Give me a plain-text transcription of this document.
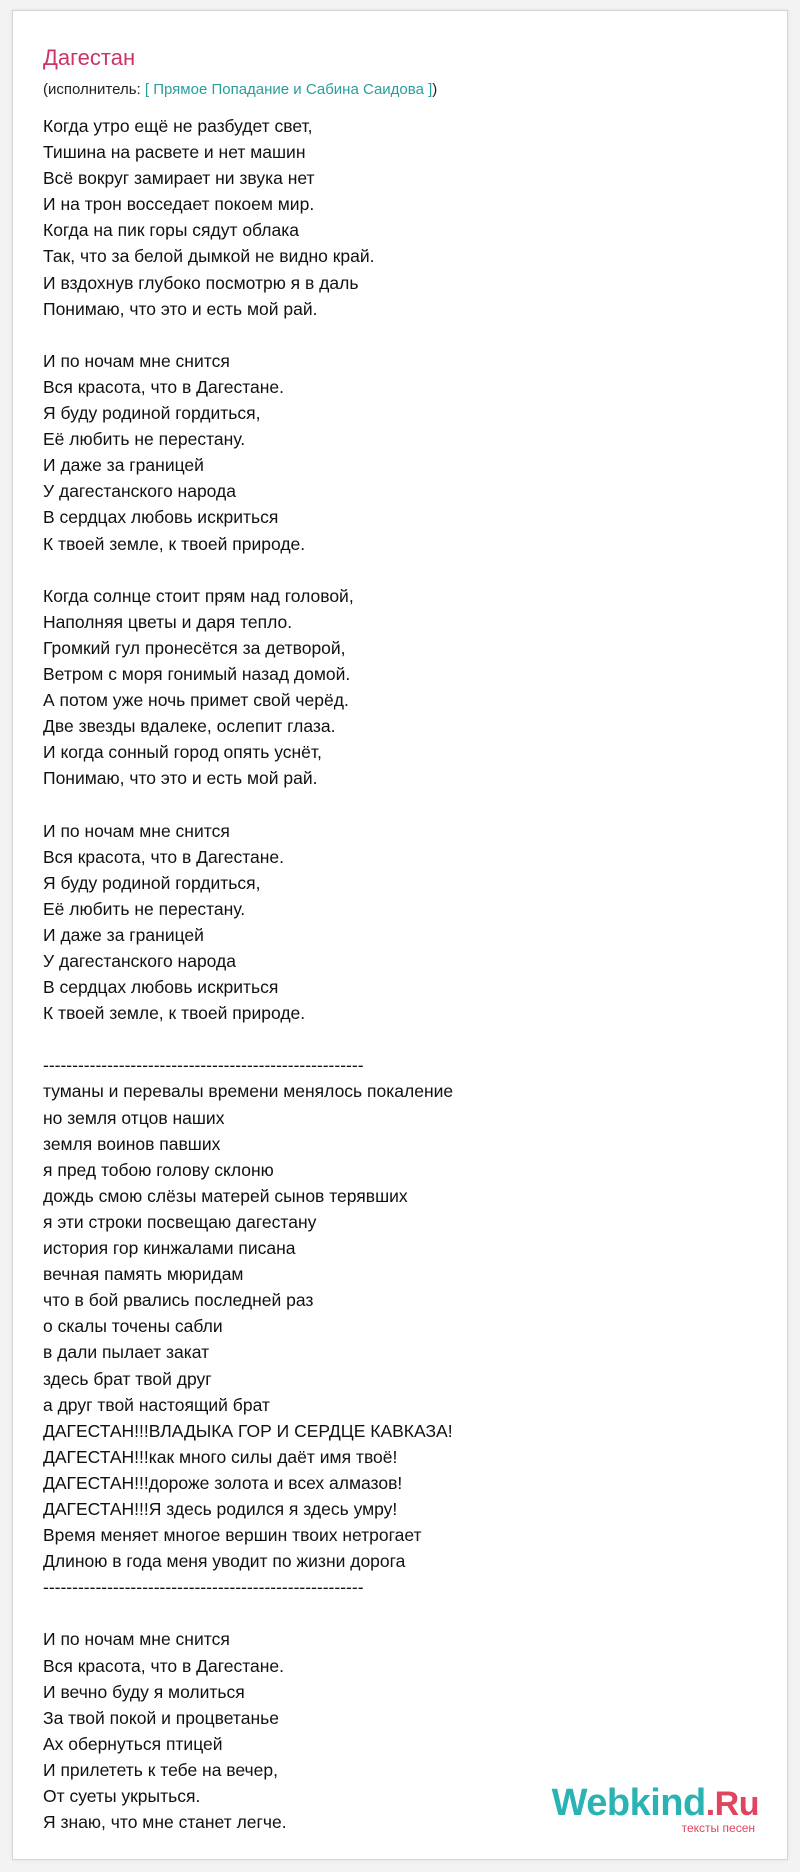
Дагестан
(исполнитель: [ Прямое Попадание и Сабина Саидова ])
Когда утро ещё не разбудет свет,
Тишина на расвете и нет машин
Всё вокруг замирает ни звука нет
И на трон восседает покоем мир.
Когда на пик горы сядут облака
Так, что за белой дымкой не видно край.
И вздохнув глубоко посмотрю я в даль
Понимаю, что это и есть мой рай.
И по ночам мне снится
Вся красота, что в Дагестане.
Я буду родиной гордиться,
Её любить не перестану.
И даже за границей
У дагестанского народа
В сердцах любовь искриться
К твоей земле, к твоей природе.
Когда солнце стоит прям над головой,
Наполняя цветы и даря тепло.
Громкий гул пронесётся за детворой,
Ветром с моря гонимый назад домой.
А потом уже ночь примет свой черёд.
Две звезды вдалеке, ослепит глаза.
И когда сонный город опять уснёт,
Понимаю, что это и есть мой рай.
И по ночам мне снится
Вся красота, что в Дагестане.
Я буду родиной гордиться,
Её любить не перестану.
И даже за границей
У дагестанского народа
В сердцах любовь искриться
К твоей земле, к твоей природе.
-------------------------------------------------------
туманы и перевалы времени менялось покаление
но земля отцов наших
земля воинов павших
я пред тобою голову склоню
дождь смою слёзы матерей сынов терявших
я эти строки посвещаю дагестану
история гор кинжалами писана
вечная память мюридам
что в бой рвались последней раз
о скалы точены сабли
в дали пылает закат
здесь брат твой друг
а друг твой настоящий брат
ДАГЕСТАН!!!ВЛАДЫКА ГОР И СЕРДЦЕ КАВКАЗА!
ДАГЕСТАН!!!как много силы даёт имя твоё!
ДАГЕСТАН!!!дороже золота и всех алмазов!
ДАГЕСТАН!!!Я здесь родился я здесь умру!
Время меняет многое вершин твоих нетрогает
Длиною в года меня уводит по жизни дорога
-------------------------------------------------------
И по ночам мне снится
Вся красота, что в Дагестане.
И вечно буду я молиться
За твой покой и процветанье
Ах обернуться птицей
И прилететь к тебе на вечер,
От суеты укрыться.
Я знаю, что мне станет легче.	Webkind.Ru
тексты песен
